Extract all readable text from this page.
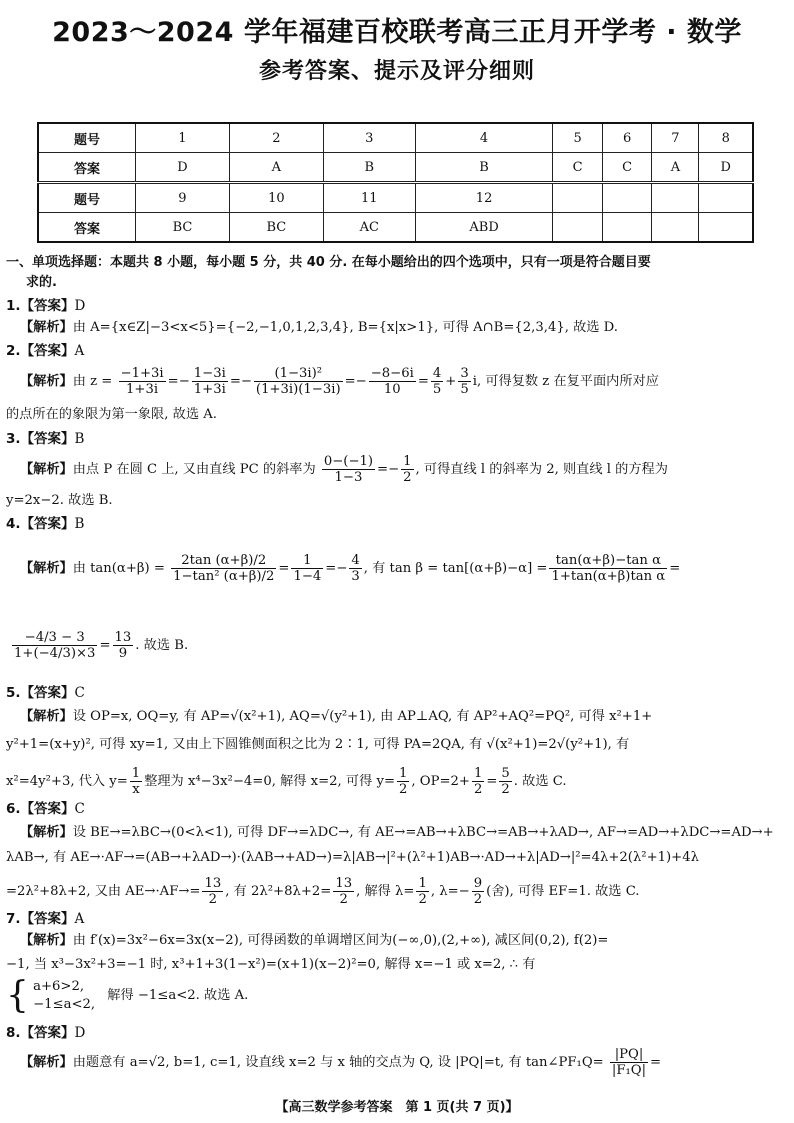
2023～2024 学年福建百校联考高三正月开学考 · 数学
参考答案、提示及评分细则
题号	1	2	3	4	5	6	7	8
答案	D	A	B	B	C	C	A	D
题号	9	10	11	12				
答案	BC	BC	AC	ABD				
一、单项选择题：本题共 8 小题，每小题 5 分，共 40 分. 在每小题给出的四个选项中，只有一项是符合题目要
求的.
1.【答案】D
【解析】由 A={x∈Z|−3<x<5}={−2,−1,0,1,2,3,4}, B={x|x>1}, 可得 A∩B={2,3,4}, 故选 D.
2.【答案】A
【解析】由 $z = \frac{-1+3i}{1+3i} =- \frac{1-3i}{1+3i} =- \frac{\text{(1−3i)²}}{(1+3i)(1-3i)} =- \frac{-8-6i}{10} = \frac{4}{5} + \frac{3}{5} i$, 可得复数 z 在复平面内所对应
的点所在的象限为第一象限, 故选 A.
3.【答案】B
【解析】由点 P 在圆 C 上, 又由直线 PC 的斜率为 $\frac{0-(-1)}{1-3} =- \frac{1}{2}$ , 可得直线 l 的斜率为 2, 则直线 l 的方程为
y=2x−2. 故选 B.
4.【答案】B
【解析】由 $\tan(\alpha+\beta) = \frac{2\tan (\alpha+\beta)/2}{\text{1−tan² (α+β)/2}} = \frac{1}{1-4} =- \frac{4}{3}$ , 有 $\tan \beta = \tan[(\alpha+\beta)-\alpha] = \frac{\text{tan(α+β)−tan α}}{\text{1+tan(α+β)tan α}}$ =
$\frac{-4/3 - 3}{1+(-4/3)\times 3} = \frac{13}{9}$ . 故选 B.
5.【答案】C
【解析】设 OP=x, OQ=y, 有 AP=√(x²+1), AQ=√(y²+1), 由 AP⊥AQ, 有 AP²+AQ²=PQ², 可得 x²+1+
y²+1=(x+y)², 可得 xy=1, 又由上下圆锥侧面积之比为 2∶1, 可得 PA=2QA, 有 √(x²+1)=2√(y²+1), 有
x²=4y²+3, 代入 $y= \frac{1}{x}$ 整理为 x⁴−3x²−4=0, 解得 x=2, 可得 $y= \frac{1}{2}$ , $OP=2+ \frac{1}{2} = \frac{5}{2}$ . 故选 C.
6.【答案】C
【解析】设 BE→=λBC→(0<λ<1), 可得 DF→=λDC→, 有 AE→=AB→+λBC→=AB→+λAD→, AF→=AD→+λDC→=AD→+
λAB→, 有 AE→·AF→=(AB→+λAD→)·(λAB→+AD→)=λ|AB→|²+(λ²+1)AB→·AD→+λ|AD→|²=4λ+2(λ²+1)+4λ
=2λ²+8λ+2, 又由 $AE\to\cdot AF\to= \frac{13}{2}$ , 有 $2\lambda^2+8\lambda+2= \frac{13}{2}$ , 解得 $\lambda= \frac{1}{2}$ , $\lambda=- \frac{9}{2}$ (舍), 可得 EF=1. 故选 C.
7.【答案】A
【解析】由 f′(x)=3x²−6x=3x(x−2), 可得函数的单调增区间为(−∞,0),(2,+∞), 减区间(0,2), f(2)=
−1, 当 x³−3x²+3=−1 时, x³+1+3(1−x²)=(x+1)(x−2)²=0, 解得 x=−1 或 x=2, ∴ 有
{ a+6>2,
−1≤a<2,
解得 −1≤a<2. 故选 A.
8.【答案】D
【解析】由题意有 a=√2, b=1, c=1, 设直线 x=2 与 x 轴的交点为 Q, 设 |PQ|=t, 有 tan∠PF₁Q= $\frac{|PQ|}{\text{|F₁Q|}}$ =
【高三数学参考答案　第 1 页(共 7 页)】
